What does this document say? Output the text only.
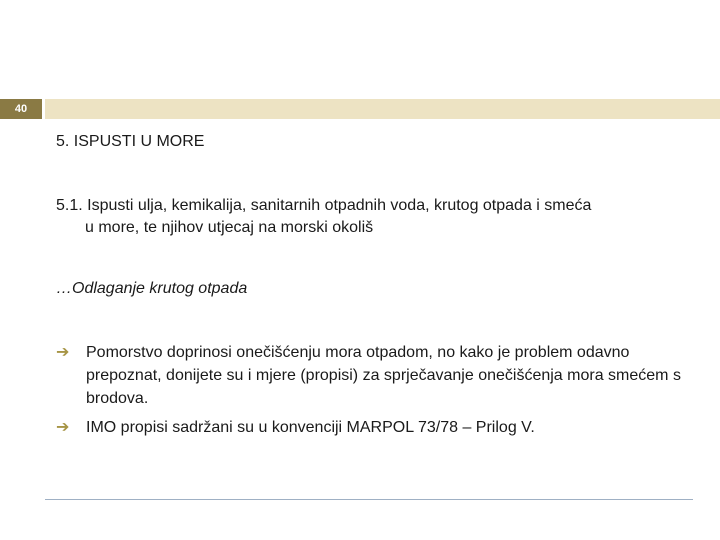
40
5. ISPUSTI U MORE
5.1. Ispusti ulja, kemikalija, sanitarnih otpadnih voda, krutog otpada i smeća
u more, te njihov utjecaj na morski okoliš
…Odlaganje krutog otpada
➔ Pomorstvo doprinosi onečišćenju mora otpadom, no kako je problem odavno prepoznat, donijete su i mjere (propisi) za sprječavanje onečišćenja mora smećem s brodova.
➔ IMO propisi sadržani su u konvenciji MARPOL 73/78 – Prilog V.
